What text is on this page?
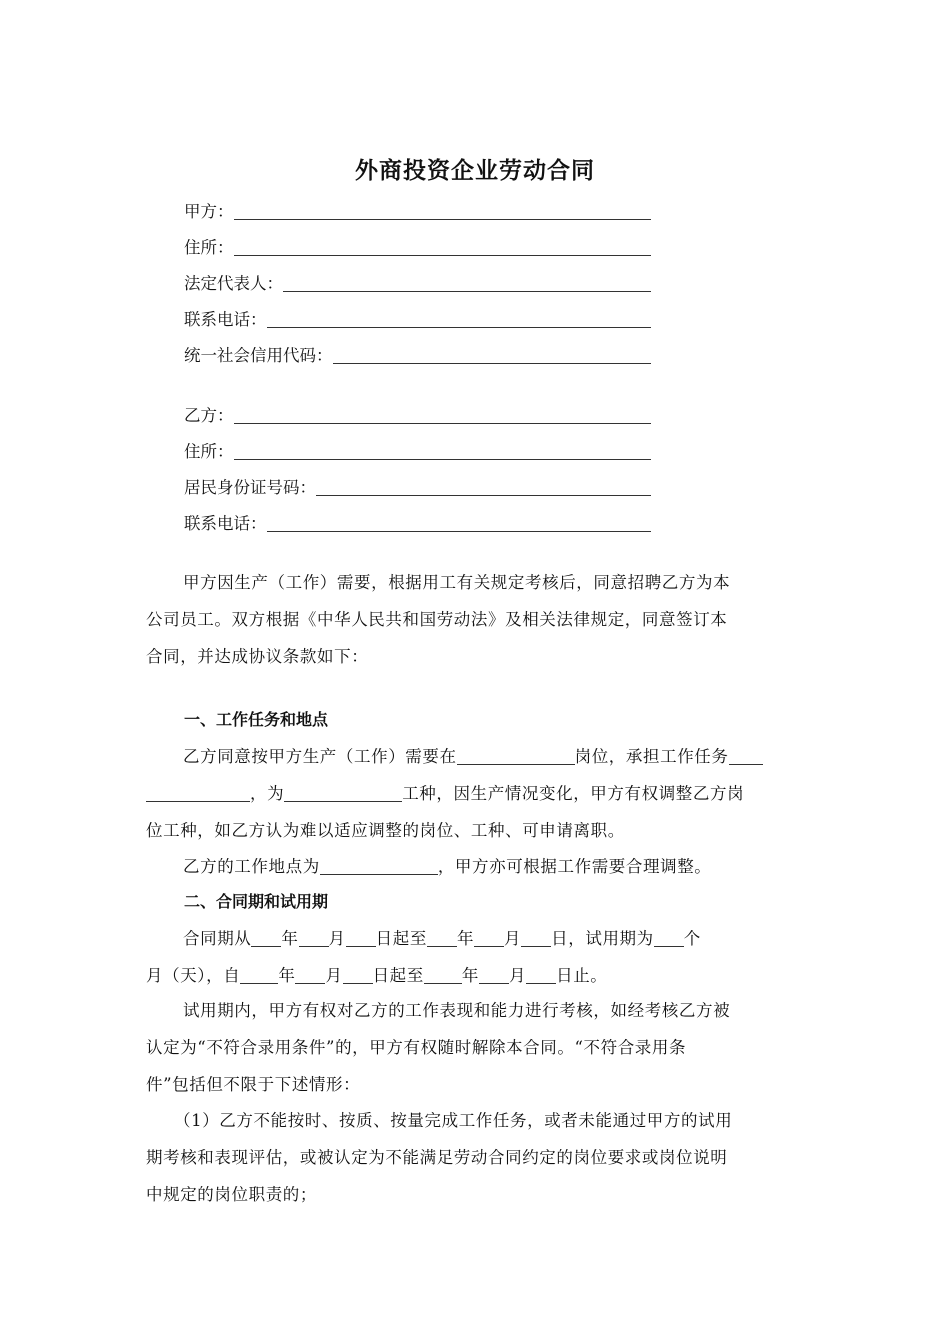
外商投资企业劳动合同
甲方：
住所：
法定代表人：
联系电话：
统一社会信用代码：
乙方：
住所：
居民身份证号码：
联系电话：
甲方因生产（工作）需要，根据用工有关规定考核后，同意招聘乙方为本
公司员工。双方根据《中华人民共和国劳动法》及相关法律规定，同意签订本
合同，并达成协议条款如下：
一、工作任务和地点
乙方同意按甲方生产（工作）需要在	岗位，承担工作任务
，为	工种，因生产情况变化，甲方有权调整乙方岗
位工种，如乙方认为难以适应调整的岗位、工种、可申请离职。
乙方的工作地点为	，甲方亦可根据工作需要合理调整。
二、合同期和试用期
合同期从 年 月 日起至 年 月 日，试用期为 个
月（天），自 年 月 日起至 年 月 日止。
试用期内，甲方有权对乙方的工作表现和能力进行考核，如经考核乙方被
认定为“不符合录用条件”的，甲方有权随时解除本合同。“不符合录用条
件”包括但不限于下述情形：
（1）乙方不能按时、按质、按量完成工作任务，或者未能通过甲方的试用
期考核和表现评估，或被认定为不能满足劳动合同约定的岗位要求或岗位说明
中规定的岗位职责的；
